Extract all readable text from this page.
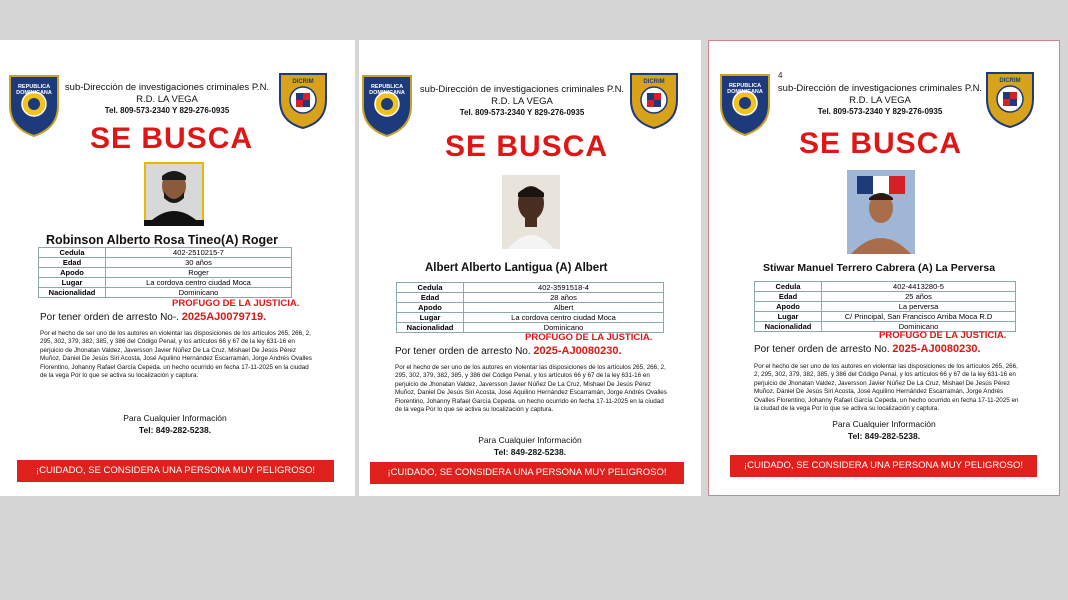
REPUBLICA
DOMINICANA	sub-Dirección de investigaciones criminales P.N.
R.D. LA VEGA
Tel. 809-573-2340 Y 829-276-0935
DICRIM
SE BUSCA
Robinson Alberto Rosa Tineo(A) Roger
Cedula	402-2510215-7
Edad	30 años
Apodo	Roger
Lugar	La cordova centro ciudad Moca
Nacionalidad	Dominicano
PROFUGO DE LA JUSTICIA.
Por tener orden de arresto No-. 2025AJ0079719.
Por el hecho de ser uno de los autores en violentar las disposiciones de los artículos 265, 266, 2, 295, 302, 379, 382, 385, y 386 del Código Penal, y los artículos 66 y 67 de la ley 631-16 en perjuicio de Jhonatan Valdez, Javersson Javier Núñez De La Cruz, Mishael De Jesús Pérez Muñoz, Daniel De Jesús Siri Acosta, José Aquilino Hernández Escarramán, Jorge Andrés Ovalles Florentino, Johanny Rafael García Cepeda. un hecho ocurrido en fecha 17-11-2025 en la ciudad de la vega Por lo que se activa su localización y captura.
Para Cualquier Información
Tel: 849-282-5238.
¡CUIDADO, SE CONSIDERA UNA PERSONA MUY PELIGROSO!
REPUBLICA
DOMINICANA	sub-Dirección de investigaciones criminales P.N.
R.D. LA VEGA
Tel. 809-573-2340 Y 829-276-0935
DICRIM
SE BUSCA
Albert Alberto Lantigua (A) Albert
Cedula	402-3591518-4
Edad	28 años
Apodo	Albert
Lugar	La cordova centro ciudad Moca
Nacionalidad	Dominicano
PROFUGO DE LA JUSTICIA.
Por tener orden de arresto No. 2025-AJ0080230.
Por el hecho de ser uno de los autores en violentar las disposiciones de los artículos 265, 266, 2, 295, 302, 379, 382, 385, y 386 del Código Penal, y los artículos 66 y 67 de la ley 631-16 en perjuicio de Jhonatan Valdez, Javersson Javier Núñez De La Cruz, Mishael De Jesús Pérez Muñoz, Daniel De Jesús Siri Acosta, José Aquilino Hernández Escarramán, Jorge Andrés Ovalles Florentino, Johanny Rafael García Cepeda. un hecho ocurrido en fecha 17-11-2025 en la ciudad de la vega Por lo que se activa su localización y captura.
Para Cualquier Información
Tel: 849-282-5238.
¡CUIDADO, SE CONSIDERA UNA PERSONA MUY PELIGROSO!
4
REPUBLICA
DOMINICANA	sub-Dirección de investigaciones criminales P.N.
R.D. LA VEGA
Tel. 809-573-2340 Y 829-276-0935
DICRIM
SE BUSCA
Stiwar Manuel Terrero Cabrera (A) La Perversa
Cedula	402-4413280-5
Edad	25 años
Apodo	La perversa
Lugar	C/ Principal, San Francisco Arriba Moca R.D
Nacionalidad	Dominicano
PROFUGO DE LA JUSTICIA.
Por tener orden de arresto No. 2025-AJ0080230.
Por el hecho de ser uno de los autores en violentar las disposiciones de los artículos 265, 266, 2, 295, 302, 379, 382, 385, y 386 del Código Penal, y los artículos 66 y 67 de la ley 631-16 en perjuicio de Jhonatan Valdez, Javersson Javier Núñez De La Cruz, Mishael De Jesús Pérez Muñoz, Daniel De Jesús Siri Acosta, José Aquilino Hernández Escarramán, Jorge Andrés Ovalles Florentino, Johanny Rafael García Cepeda. un hecho ocurrido en fecha 17-11-2025 en la ciudad de la vega Por lo que se activa su localización y captura.
Para Cualquier Información
Tel: 849-282-5238.
¡CUIDADO, SE CONSIDERA UNA PERSONA MUY PELIGROSO!
